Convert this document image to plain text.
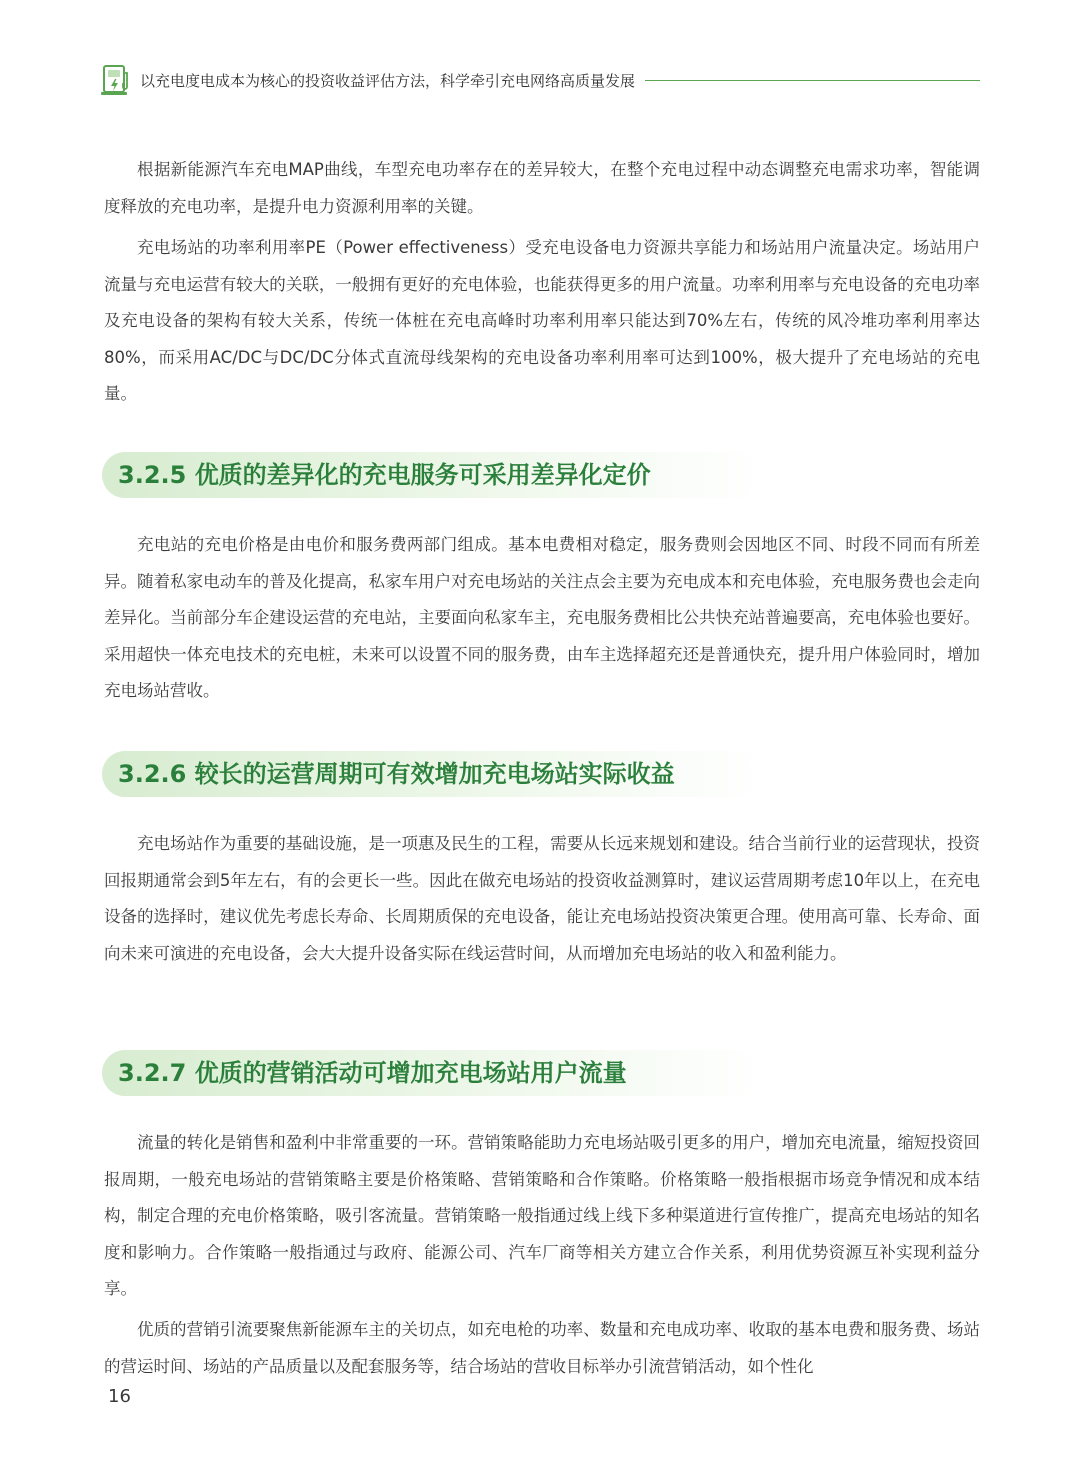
以充电度电成本为核心的投资收益评估方法，科学牵引充电网络高质量发展

根据新能源汽车充电MAP曲线，车型充电功率存在的差异较大，在整个充电过程中动态调整充电需求功率，智能调度释放的充电功率，是提升电力资源利用率的关键。

充电场站的功率利用率PE（Power effectiveness）受充电设备电力资源共享能力和场站用户流量决定。场站用户流量与充电运营有较大的关联，一般拥有更好的充电体验，也能获得更多的用户流量。功率利用率与充电设备的充电功率及充电设备的架构有较大关系，传统一体桩在充电高峰时功率利用率只能达到70%左右，传统的风冷堆功率利用率达80%，而采用AC/DC与DC/DC分体式直流母线架构的充电设备功率利用率可达到100%，极大提升了充电场站的充电量。

3.2.5 优质的差异化的充电服务可采用差异化定价

充电站的充电价格是由电价和服务费两部门组成。基本电费相对稳定，服务费则会因地区不同、时段不同而有所差异。随着私家电动车的普及化提高，私家车用户对充电场站的关注点会主要为充电成本和充电体验，充电服务费也会走向差异化。当前部分车企建设运营的充电站，主要面向私家车主，充电服务费相比公共快充站普遍要高，充电体验也要好。采用超快一体充电技术的充电桩，未来可以设置不同的服务费，由车主选择超充还是普通快充，提升用户体验同时，增加充电场站营收。

3.2.6 较长的运营周期可有效增加充电场站实际收益

充电场站作为重要的基础设施，是一项惠及民生的工程，需要从长远来规划和建设。结合当前行业的运营现状，投资回报期通常会到5年左右，有的会更长一些。因此在做充电场站的投资收益测算时，建议运营周期考虑10年以上，在充电设备的选择时，建议优先考虑长寿命、长周期质保的充电设备，能让充电场站投资决策更合理。使用高可靠、长寿命、面向未来可演进的充电设备，会大大提升设备实际在线运营时间，从而增加充电场站的收入和盈利能力。

3.2.7 优质的营销活动可增加充电场站用户流量

流量的转化是销售和盈利中非常重要的一环。营销策略能助力充电场站吸引更多的用户，增加充电流量，缩短投资回报周期，一般充电场站的营销策略主要是价格策略、营销策略和合作策略。价格策略一般指根据市场竞争情况和成本结构，制定合理的充电价格策略，吸引客流量。营销策略一般指通过线上线下多种渠道进行宣传推广，提高充电场站的知名度和影响力。合作策略一般指通过与政府、能源公司、汽车厂商等相关方建立合作关系，利用优势资源互补实现利益分享。

优质的营销引流要聚焦新能源车主的关切点，如充电枪的功率、数量和充电成功率、收取的基本电费和服务费、场站的营运时间、场站的产品质量以及配套服务等，结合场站的营收目标举办引流营销活动，如个性化

16
